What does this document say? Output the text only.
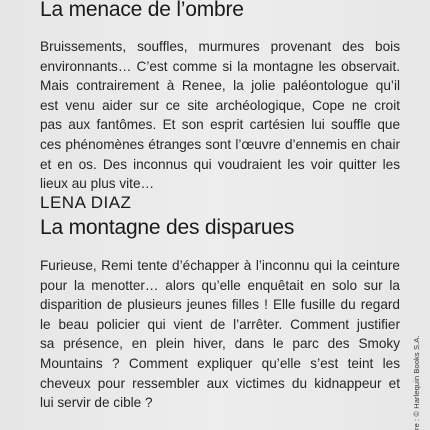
La menace de l’ombre
Bruissements, souffles, murmures provenant des bois
environnants… C’est comme si la montagne les observait.
Mais contrairement à Renee, la jolie paléontologue qu’il
est venu aider sur ce site archéologique, Cope ne croit
pas aux fantômes. Et son esprit cartésien lui souffle que
ces phénomènes étranges sont l’œuvre d’ennemis en chair
et en os. Des inconnus qui voudraient les voir quitter les
lieux au plus vite…
LENA DIAZ
La montagne des disparues
Furieuse, Remi tente d’échapper à l’inconnu qui la ceinture
pour la menotter… alors qu’elle enquêtait en solo sur la
disparition de plusieurs jeunes filles ! Elle fusille du regard
le beau policier qui vient de l’arrêter. Comment justifier
sa présence, en plein hiver, dans le parc des Smoky
Mountains ? Comment expliquer qu’elle s’est teint les
cheveux pour ressembler aux victimes du kidnappeur et
lui servir de cible ?	re : © Harlequin Books S.A.
